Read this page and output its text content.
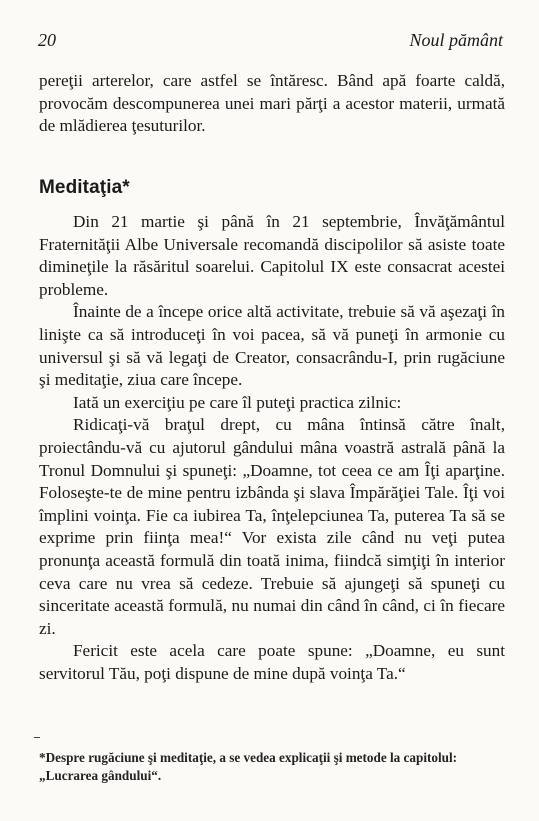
20	Noul pământ

pereţii arterelor, care astfel se întăresc. Bând apă foarte caldă, provocăm descompunerea unei mari părţi a acestor materii, urmată de mlădierea ţesuturilor.

Meditaţia*

Din 21 martie şi până în 21 septembrie, Învăţământul Fraternităţii Albe Universale recomandă discipolilor să asiste toate dimineţile la răsăritul soarelui. Capitolul IX este consacrat acestei probleme.

Înainte de a începe orice altă activitate, trebuie să vă aşezaţi în linişte ca să introduceţi în voi pacea, să vă puneţi în armonie cu universul şi să vă legaţi de Creator, consacrându-I, prin rugăciune şi meditaţie, ziua care începe.

Iată un exerciţiu pe care îl puteţi practica zilnic:

Ridicaţi-vă braţul drept, cu mâna întinsă către înalt, proiectându-vă cu ajutorul gândului mâna voastră astrală până la Tronul Domnului şi spuneţi: „Doamne, tot ceea ce am Îţi aparţine. Foloseşte-te de mine pentru izbânda şi slava Împărăţiei Tale. Îţi voi împlini voinţa. Fie ca iubirea Ta, înţelepciunea Ta, puterea Ta să se exprime prin fiinţa mea!“ Vor exista zile când nu veţi putea pronunţa această formulă din toată inima, fiindcă simţiţi în interior ceva care nu vrea să cedeze. Trebuie să ajungeţi să spuneţi cu sinceritate această formulă, nu numai din când în când, ci în fiecare zi.

Fericit este acela care poate spune: „Doamne, eu sunt servitorul Tău, poţi dispune de mine după voinţa Ta.“

*Despre rugăciune şi meditaţie, a se vedea explicaţii şi metode la capitolul: „Lucrarea gândului“.
